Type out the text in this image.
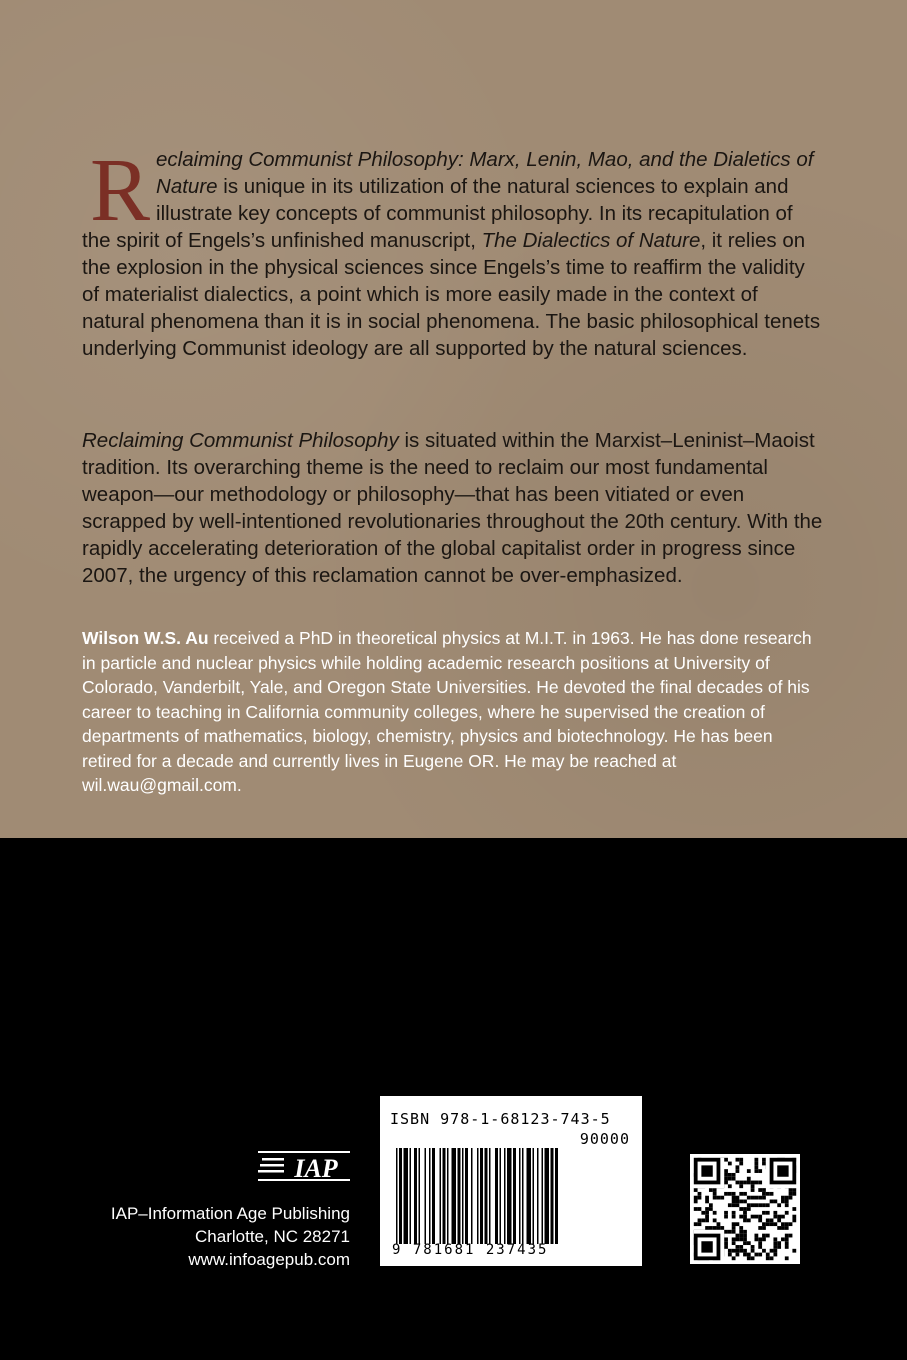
Reclaiming Communist Philosophy: Marx, Lenin, Mao, and the Dialetics of Nature is unique in its utilization of the natural sciences to explain and illustrate key concepts of communist philosophy. In its recapitulation of the spirit of Engels’s unfinished manuscript, The Dialectics of Nature, it relies on the explosion in the physical sciences since Engels’s time to reaffirm the validity of materialist dialectics, a point which is more easily made in the context of natural phenomena than it is in social phenomena. The basic philosophical tenets underlying Communist ideology are all supported by the natural sciences.

Reclaiming Communist Philosophy is situated within the Marxist–Leninist–Maoist tradition. Its overarching theme is the need to reclaim our most fundamental weapon—our methodology or philosophy—that has been vitiated or even scrapped by well-intentioned revolutionaries throughout the 20th century. With the rapidly accelerating deterioration of the global capitalist order in progress since 2007, the urgency of this reclamation cannot be over-emphasized.

Wilson W.S. Au received a PhD in theoretical physics at M.I.T. in 1963. He has done research in particle and nuclear physics while holding academic research positions at University of Colorado, Vanderbilt, Yale, and Oregon State Universities. He devoted the final decades of his career to teaching in California community colleges, where he supervised the creation of departments of mathematics, biology, chemistry, physics and biotechnology. He has been retired for a decade and currently lives in Eugene OR. He may be reached at wil.wau@gmail.com.
IAP
IAP–Information Age Publishing
Charlotte, NC 28271
www.infoagepub.com
ISBN 978-1-68123-743-5
90000
9 781681 237435
